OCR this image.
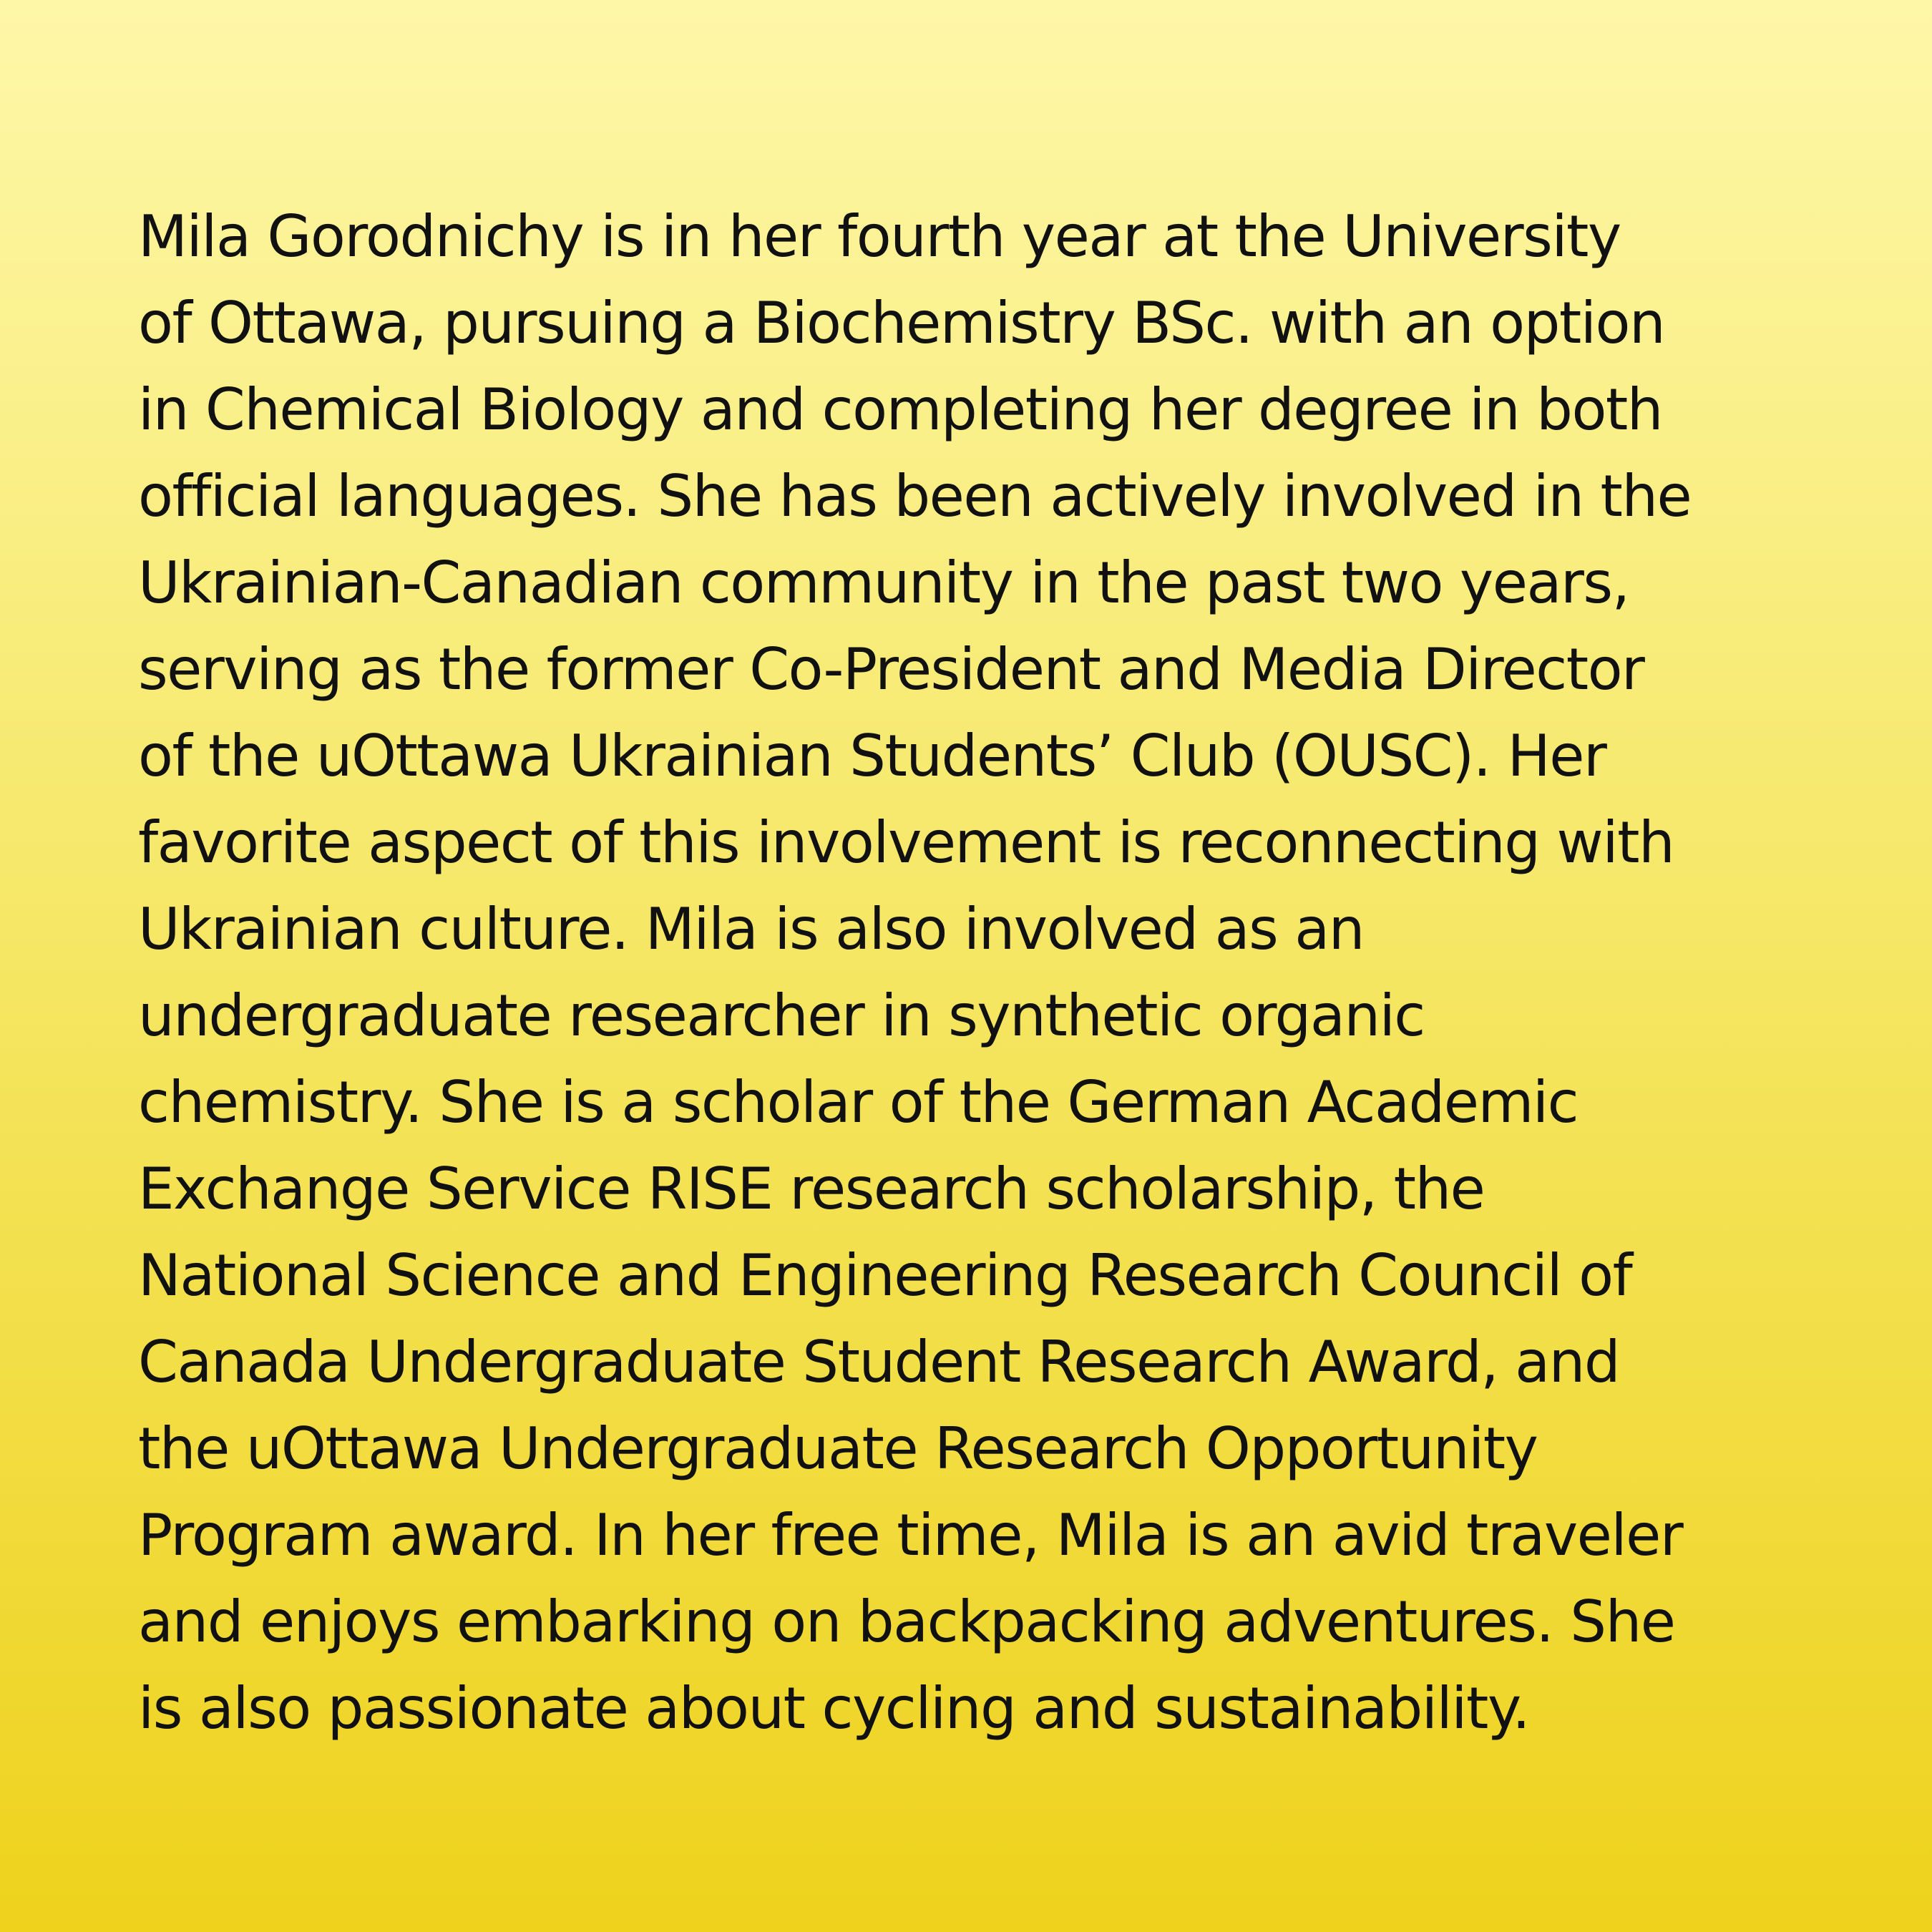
Mila Gorodnichy is in her fourth year at the University
of Ottawa, pursuing a Biochemistry BSc. with an option
in Chemical Biology and completing her degree in both
official languages. She has been actively involved in the
Ukrainian-Canadian community in the past two years,
serving as the former Co-President and Media Director
of the uOttawa Ukrainian Students’ Club (OUSC). Her
favorite aspect of this involvement is reconnecting with
Ukrainian culture. Mila is also involved as an
undergraduate researcher in synthetic organic
chemistry. She is a scholar of the German Academic
Exchange Service RISE research scholarship, the
National Science and Engineering Research Council of
Canada Undergraduate Student Research Award, and
the uOttawa Undergraduate Research Opportunity
Program award. In her free time, Mila is an avid traveler
and enjoys embarking on backpacking adventures. She
is also passionate about cycling and sustainability.
